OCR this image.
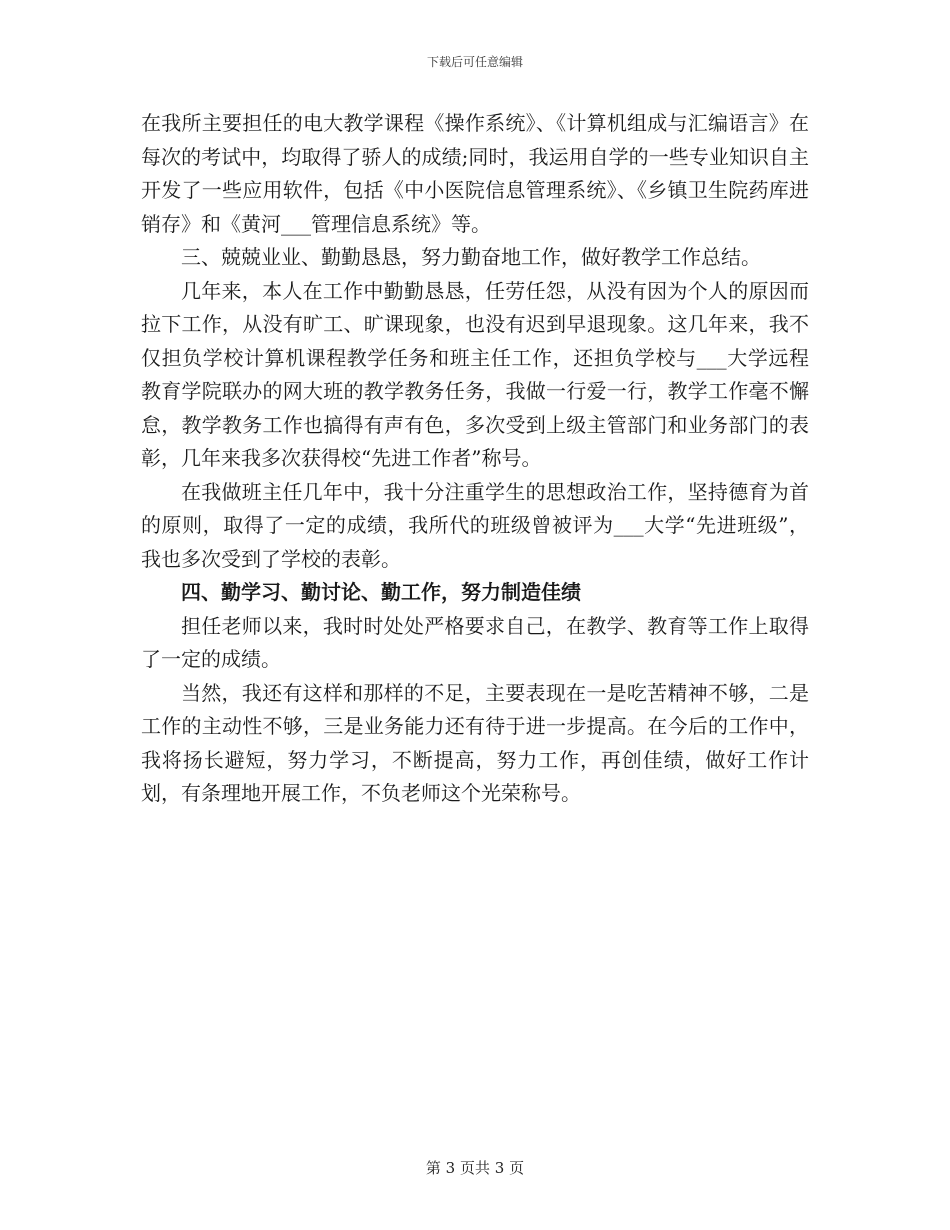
下载后可任意编辑

在我所主要担任的电大教学课程《操作系统》、《计算机组成与汇编语言》在每次的考试中，均取得了骄人的成绩;同时，我运用自学的一些专业知识自主开发了一些应用软件，包括《中小医院信息管理系统》、《乡镇卫生院药库进销存》和《黄河___管理信息系统》等。

三、兢兢业业、勤勤恳恳，努力勤奋地工作，做好教学工作总结。

几年来，本人在工作中勤勤恳恳，任劳任怨，从没有因为个人的原因而拉下工作，从没有旷工、旷课现象，也没有迟到早退现象。这几年来，我不仅担负学校计算机课程教学任务和班主任工作，还担负学校与___大学远程教育学院联办的网大班的教学教务任务，我做一行爱一行，教学工作毫不懈怠，教学教务工作也搞得有声有色，多次受到上级主管部门和业务部门的表彰，几年来我多次获得校“先进工作者”称号。

在我做班主任几年中，我十分注重学生的思想政治工作，坚持德育为首的原则，取得了一定的成绩，我所代的班级曾被评为___大学“先进班级”，我也多次受到了学校的表彰。

四、勤学习、勤讨论、勤工作，努力制造佳绩

担任老师以来，我时时处处严格要求自己，在教学、教育等工作上取得了一定的成绩。

当然，我还有这样和那样的不足，主要表现在一是吃苦精神不够，二是工作的主动性不够，三是业务能力还有待于进一步提高。在今后的工作中，我将扬长避短，努力学习，不断提高，努力工作，再创佳绩，做好工作计划，有条理地开展工作，不负老师这个光荣称号。

第 3 页共 3 页
